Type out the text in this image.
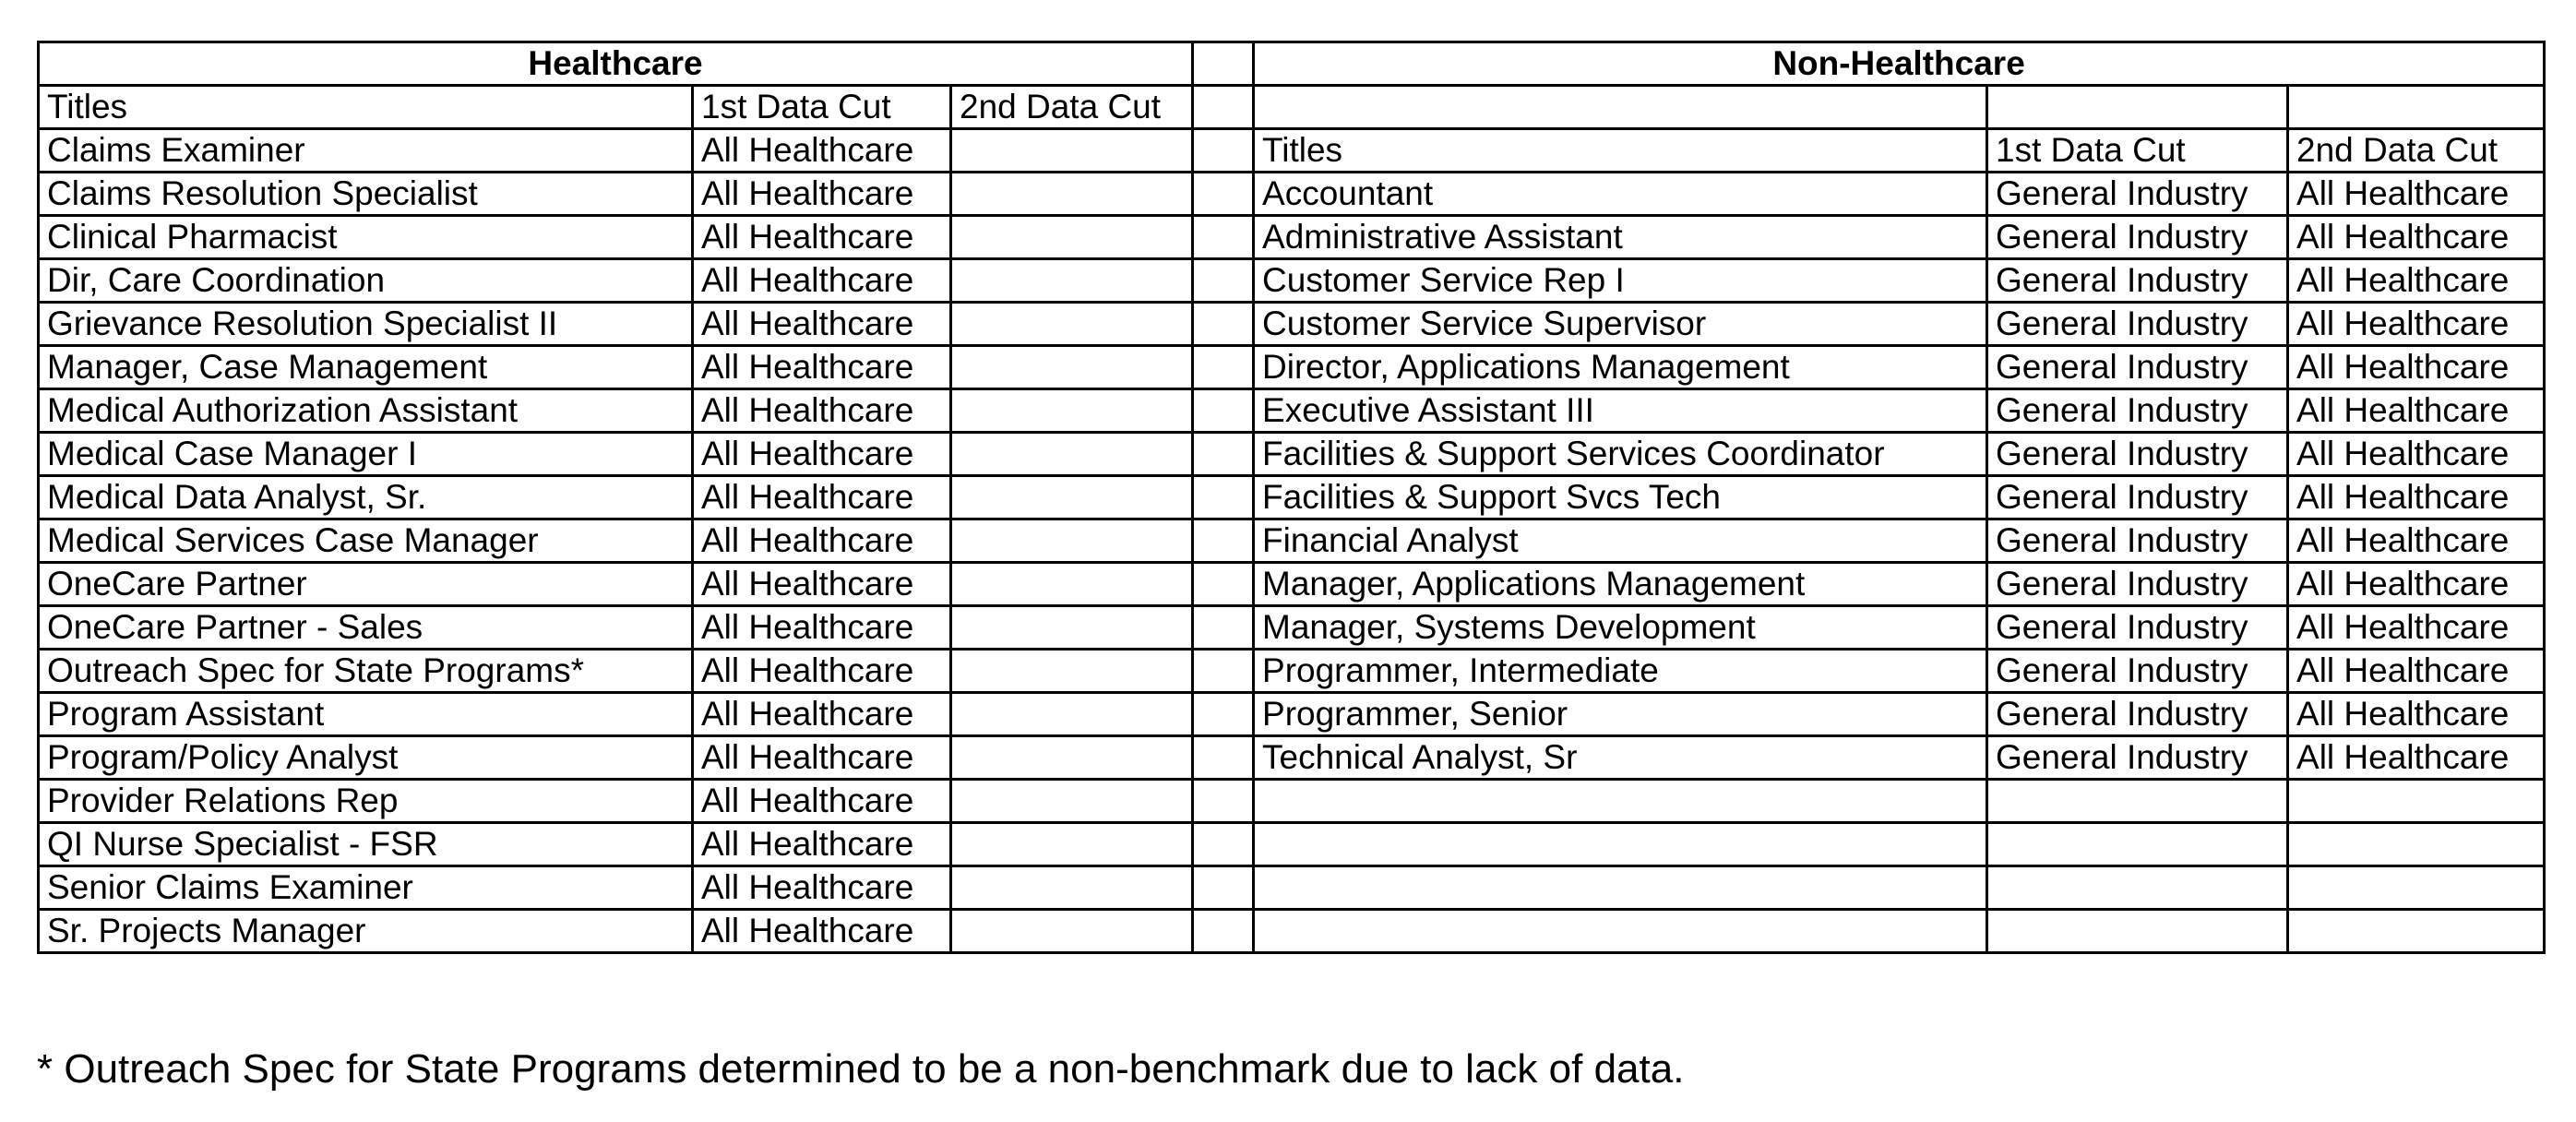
Healthcare				Non-Healthcare		
Titles	1st Data Cut	2nd Data Cut				
Claims Examiner	All Healthcare			Titles	1st Data Cut	2nd Data Cut
Claims Resolution Specialist	All Healthcare			Accountant	General Industry	All Healthcare
Clinical Pharmacist	All Healthcare			Administrative Assistant	General Industry	All Healthcare
Dir, Care Coordination	All Healthcare			Customer Service Rep I	General Industry	All Healthcare
Grievance Resolution Specialist II	All Healthcare			Customer Service Supervisor	General Industry	All Healthcare
Manager, Case Management	All Healthcare			Director, Applications Management	General Industry	All Healthcare
Medical Authorization Assistant	All Healthcare			Executive Assistant III	General Industry	All Healthcare
Medical Case Manager I	All Healthcare			Facilities & Support Services Coordinator	General Industry	All Healthcare
Medical Data Analyst, Sr.	All Healthcare			Facilities & Support Svcs Tech	General Industry	All Healthcare
Medical Services Case Manager	All Healthcare			Financial Analyst	General Industry	All Healthcare
OneCare Partner	All Healthcare			Manager, Applications Management	General Industry	All Healthcare
OneCare Partner - Sales	All Healthcare			Manager, Systems Development	General Industry	All Healthcare
Outreach Spec for State Programs*	All Healthcare			Programmer, Intermediate	General Industry	All Healthcare
Program Assistant	All Healthcare			Programmer, Senior	General Industry	All Healthcare
Program/Policy Analyst	All Healthcare			Technical Analyst, Sr	General Industry	All Healthcare
Provider Relations Rep	All Healthcare					
QI Nurse Specialist - FSR	All Healthcare					
Senior Claims Examiner	All Healthcare					
Sr. Projects Manager	All Healthcare					
* Outreach Spec for State Programs determined to be a non-benchmark due to lack of data.
